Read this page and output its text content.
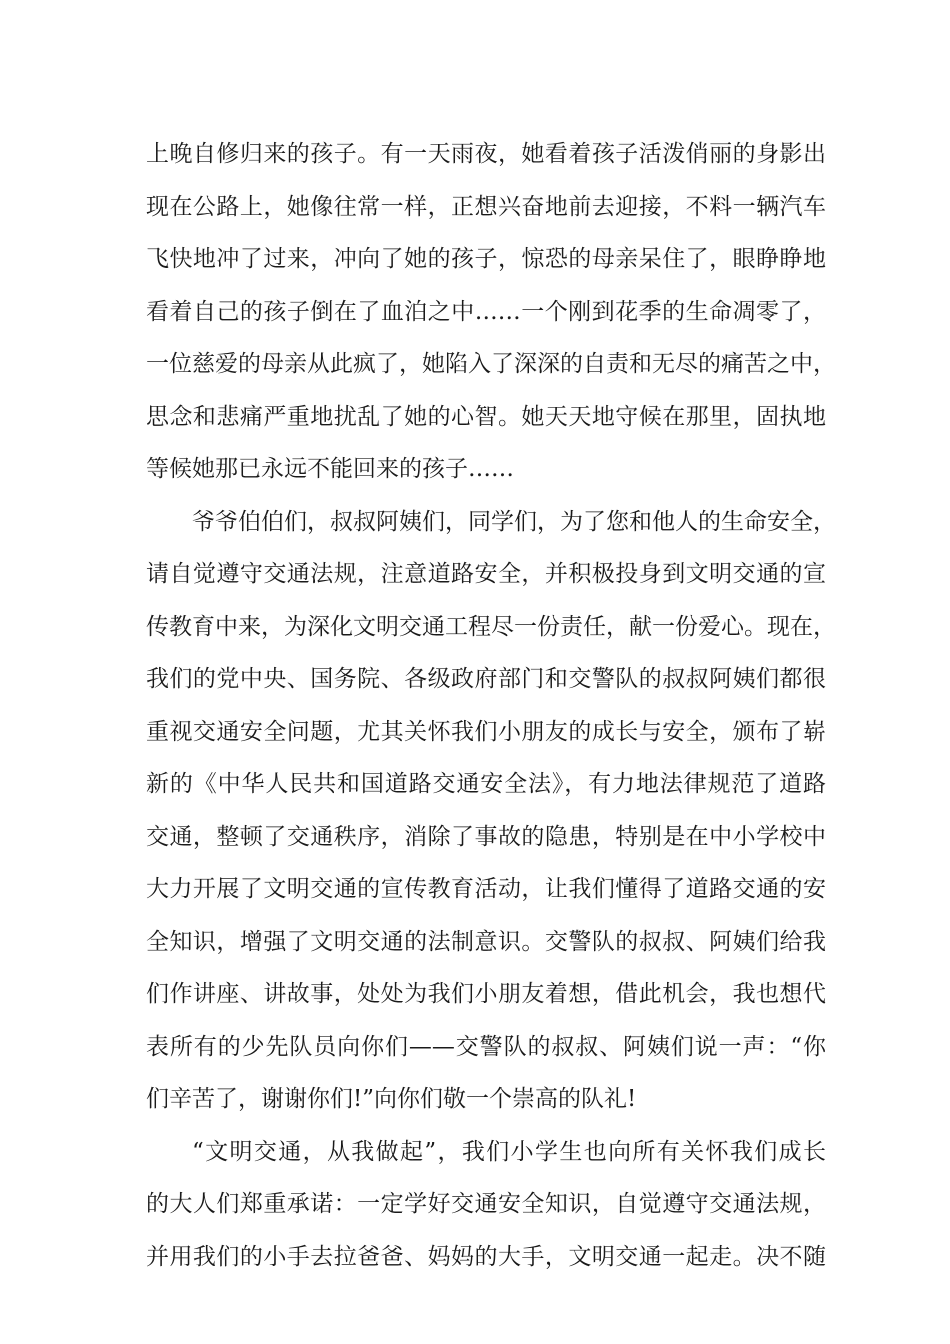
上晚自修归来的孩子。有一天雨夜，她看着孩子活泼俏丽的身影出
现在公路上，她像往常一样，正想兴奋地前去迎接，不料一辆汽车
飞快地冲了过来，冲向了她的孩子，惊恐的母亲呆住了，眼睁睁地
看着自己的孩子倒在了血泊之中……一个刚到花季的生命凋零了，
一位慈爱的母亲从此疯了，她陷入了深深的自责和无尽的痛苦之中，
思念和悲痛严重地扰乱了她的心智。她天天地守候在那里，固执地
等候她那已永远不能回来的孩子……
爷爷伯伯们，叔叔阿姨们，同学们，为了您和他人的生命安全，
请自觉遵守交通法规，注意道路安全，并积极投身到文明交通的宣
传教育中来，为深化文明交通工程尽一份责任，献一份爱心。现在，
我们的党中央、国务院、各级政府部门和交警队的叔叔阿姨们都很
重视交通安全问题，尤其关怀我们小朋友的成长与安全，颁布了崭
新的《中华人民共和国道路交通安全法》，有力地法律规范了道路
交通，整顿了交通秩序，消除了事故的隐患，特别是在中小学校中
大力开展了文明交通的宣传教育活动，让我们懂得了道路交通的安
全知识，增强了文明交通的法制意识。交警队的叔叔、阿姨们给我
们作讲座、讲故事，处处为我们小朋友着想，借此机会，我也想代
表所有的少先队员向你们——交警队的叔叔、阿姨们说一声：“你
们辛苦了，谢谢你们!”向你们敬一个崇高的队礼!
“文明交通，从我做起”，我们小学生也向所有关怀我们成长
的大人们郑重承诺：一定学好交通安全知识，自觉遵守交通法规，
并用我们的小手去拉爸爸、妈妈的大手，文明交通一起走。决不随
